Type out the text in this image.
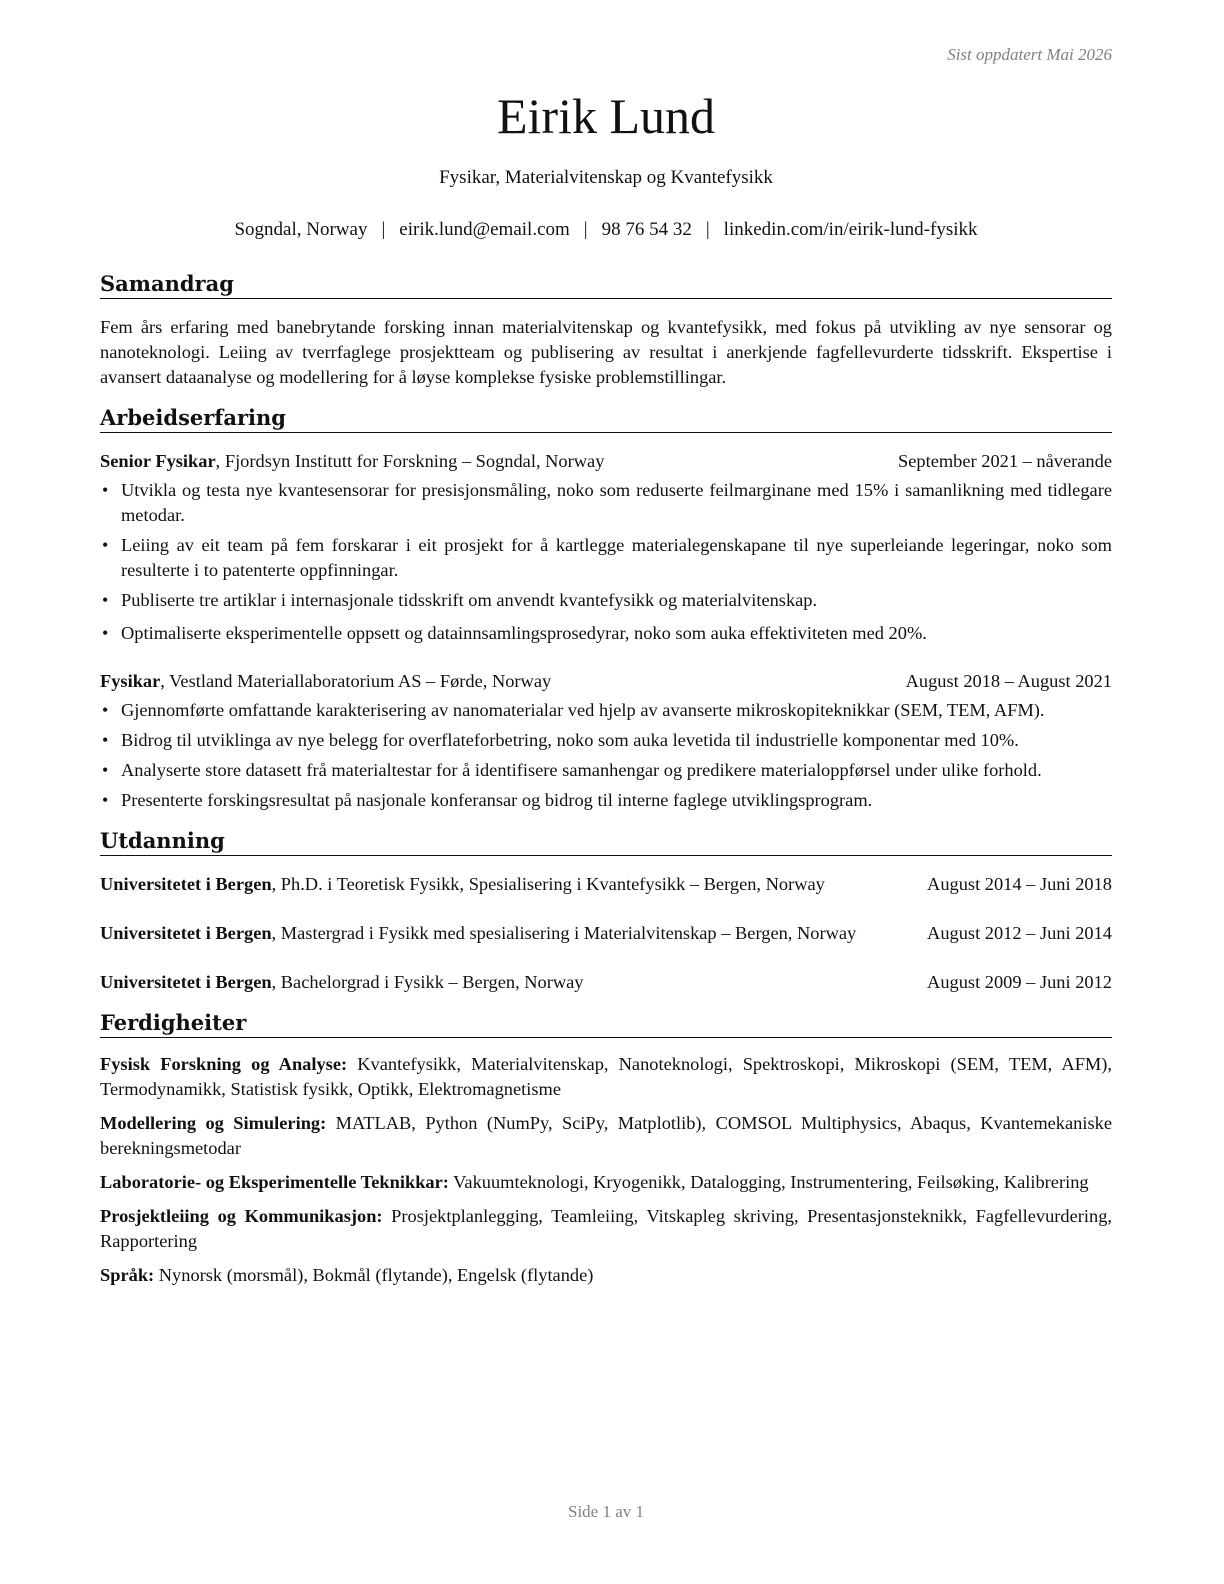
Sist oppdatert Mai 2026
Eirik Lund
Fysikar, Materialvitenskap og Kvantefysikk
Sogndal, Norway | eirik.lund@email.com | 98 76 54 32 | linkedin.com/in/eirik-lund-fysikk
Samandrag

Fem års erfaring med banebrytande forsking innan materialvitenskap og kvantefysikk, med fokus på utvikling av nye sensorar og nanoteknologi. Leiing av tverrfaglege prosjektteam og publisering av resultat i anerkjende fagfellevurderte tidsskrift. Ekspertise i avansert dataanalyse og modellering for å løyse komplekse fysiske problemstillingar.

Arbeidserfaring
Senior Fysikar, Fjordsyn Institutt for Forskning – Sogndal, Norway	September 2021 – nåverande
• Utvikla og testa nye kvantesensorar for presisjonsmåling, noko som reduserte feilmarginane med 15% i samanlikning med tidlegare metodar.
• Leiing av eit team på fem forskarar i eit prosjekt for å kartlegge materialegenskapane til nye superleiande legeringar, noko som resulterte i to patenterte oppfinningar.
• Publiserte tre artiklar i internasjonale tidsskrift om anvendt kvantefysikk og materialvitenskap.
• Optimaliserte eksperimentelle oppsett og datainnsamlingsprosedyrar, noko som auka effektiviteten med 20%.
Fysikar, Vestland Materiallaboratorium AS – Førde, Norway	August 2018 – August 2021
• Gjennomførte omfattande karakterisering av nanomaterialar ved hjelp av avanserte mikroskopiteknikkar (SEM, TEM, AFM).
• Bidrog til utviklinga av nye belegg for overflateforbetring, noko som auka levetida til industrielle komponentar med 10%.
• Analyserte store datasett frå materialtestar for å identifisere samanhengar og predikere materialoppførsel under ulike forhold.
• Presenterte forskingsresultat på nasjonale konferansar og bidrog til interne faglege utviklingsprogram.
Utdanning
Universitetet i Bergen, Ph.D. i Teoretisk Fysikk, Spesialisering i Kvantefysikk – Bergen, Norway	August 2014 – Juni 2018
Universitetet i Bergen, Mastergrad i Fysikk med spesialisering i Materialvitenskap – Bergen, Norway	August 2012 – Juni 2014
Universitetet i Bergen, Bachelorgrad i Fysikk – Bergen, Norway	August 2009 – Juni 2012
Ferdigheiter
Fysisk Forskning og Analyse: Kvantefysikk, Materialvitenskap, Nanoteknologi, Spektroskopi, Mikroskopi (SEM, TEM, AFM), Termodynamikk, Statistisk fysikk, Optikk, Elektromagnetisme
Modellering og Simulering: MATLAB, Python (NumPy, SciPy, Matplotlib), COMSOL Multiphysics, Abaqus, Kvantemekaniske berekningsmetodar
Laboratorie- og Eksperimentelle Teknikkar: Vakuumteknologi, Kryogenikk, Datalogging, Instrumentering, Feilsøking, Kalibrering
Prosjektleiing og Kommunikasjon: Prosjektplanlegging, Teamleiing, Vitskapleg skriving, Presentasjonsteknikk, Fagfellevurdering, Rapportering
Språk: Nynorsk (morsmål), Bokmål (flytande), Engelsk (flytande)
Side 1 av 1
